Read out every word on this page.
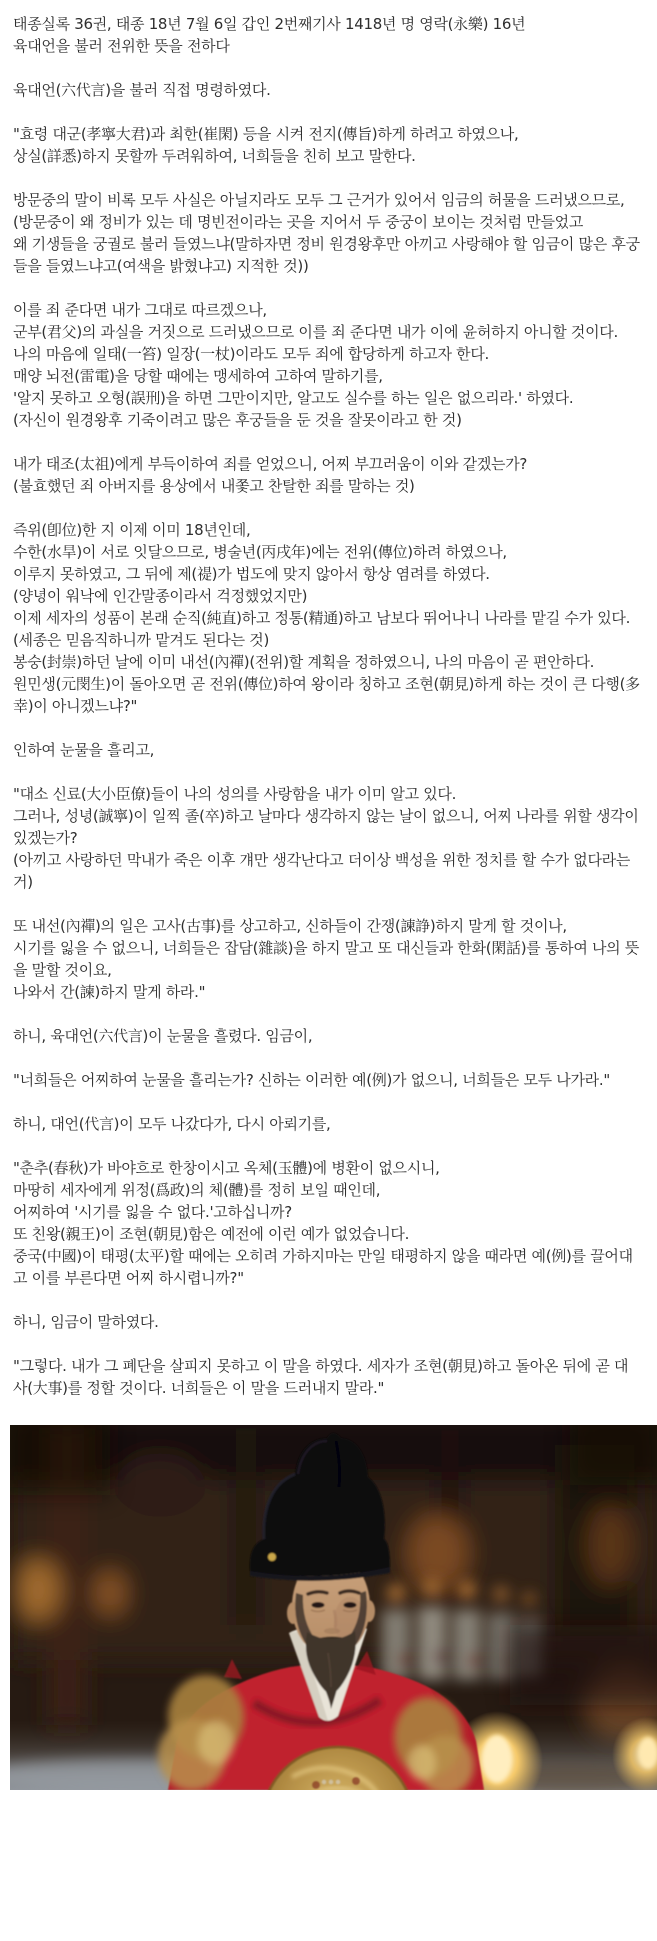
태종실록 36권, 태종 18년 7월 6일 갑인 2번째기사 1418년 명 영락(永樂) 16년
육대언을 불러 전위한 뜻을 전하다

육대언(六代言)을 불러 직접 명령하였다.

"효령 대군(孝寧大君)과 최한(崔閑) 등을 시켜 전지(傳旨)하게 하려고 하였으나,
상실(詳悉)하지 못할까 두려워하여, 너희들을 친히 보고 말한다.

방문중의 말이 비록 모두 사실은 아닐지라도 모두 그 근거가 있어서 임금의 허물을 드러냈으므로,
(방문중이 왜 정비가 있는 데 명빈전이라는 곳을 지어서 두 중궁이 보이는 것처럼 만들었고
왜 기생들을 궁궐로 불러 들였느냐(말하자면 정비 원경왕후만 아끼고 사랑해야 할 임금이 많은 후궁들을 들였느냐고(여색을 밝혔냐고) 지적한 것))

이를 죄 준다면 내가 그대로 따르겠으나,
군부(君父)의 과실을 거짓으로 드러냈으므로 이를 죄 준다면 내가 이에 윤허하지 아니할 것이다.
나의 마음에 일태(一笞) 일장(一杖)이라도 모두 죄에 합당하게 하고자 한다.
매양 뇌전(雷電)을 당할 때에는 맹세하여 고하여 말하기를,
'알지 못하고 오형(誤刑)을 하면 그만이지만, 알고도 실수를 하는 일은 없으리라.' 하였다.
(자신이 원경왕후 기죽이려고 많은 후궁들을 둔 것을 잘못이라고 한 것)

내가 태조(太祖)에게 부득이하여 죄를 얻었으니, 어찌 부끄러움이 이와 같겠는가?
(불효했던 죄 아버지를 용상에서 내쫓고 찬탈한 죄를 말하는 것)

즉위(卽位)한 지 이제 이미 18년인데,
수한(水旱)이 서로 잇달으므로, 병술년(丙戌年)에는 전위(傳位)하려 하였으나,
이루지 못하였고, 그 뒤에 제(禔)가 법도에 맞지 않아서 항상 염려를 하였다.
(양녕이 워낙에 인간말종이라서 걱정했었지만)
이제 세자의 성품이 본래 순직(純直)하고 정통(精通)하고 남보다 뛰어나니 나라를 맡길 수가 있다.
(세종은 믿음직하니까 맡겨도 된다는 것)
봉숭(封崇)하던 날에 이미 내선(內禪)(전위)할 계획을 정하였으니, 나의 마음이 곧 편안하다.
원민생(元閔生)이 돌아오면 곧 전위(傳位)하여 왕이라 칭하고 조현(朝見)하게 하는 것이 큰 다행(多幸)이 아니겠느냐?"

인하여 눈물을 흘리고,

"대소 신료(大小臣僚)들이 나의 성의를 사랑함을 내가 이미 알고 있다.
그러나, 성녕(誠寧)이 일찍 졸(卒)하고 날마다 생각하지 않는 날이 없으니, 어찌 나라를 위할 생각이 있겠는가?
(아끼고 사랑하던 막내가 죽은 이후 걔만 생각난다고 더이상 백성을 위한 정치를 할 수가 없다라는 거)

또 내선(內禪)의 일은 고사(古事)를 상고하고, 신하들이 간쟁(諫諍)하지 말게 할 것이나,
시기를 잃을 수 없으니, 너희들은 잡담(雜談)을 하지 말고 또 대신들과 한화(閑話)를 통하여 나의 뜻을 말할 것이요,
나와서 간(諫)하지 말게 하라."

하니, 육대언(六代言)이 눈물을 흘렸다. 임금이,

"너희들은 어찌하여 눈물을 흘리는가? 신하는 이러한 예(例)가 없으니, 너희들은 모두 나가라."

하니, 대언(代言)이 모두 나갔다가, 다시 아뢰기를,

"춘추(春秋)가 바야흐로 한창이시고 옥체(玉體)에 병환이 없으시니,
마땅히 세자에게 위정(爲政)의 체(體)를 정히 보일 때인데,
어찌하여 '시기를 잃을 수 없다.'고하십니까?
또 친왕(親王)이 조현(朝見)함은 예전에 이런 예가 없었습니다.
중국(中國)이 태평(太平)할 때에는 오히려 가하지마는 만일 태평하지 않을 때라면 예(例)를 끌어대고 이를 부른다면 어찌 하시렵니까?"

하니, 임금이 말하였다.

"그렇다. 내가 그 폐단을 살피지 못하고 이 말을 하였다. 세자가 조현(朝見)하고 돌아온 뒤에 곧 대사(大事)를 정할 것이다. 너희들은 이 말을 드러내지 말라."
